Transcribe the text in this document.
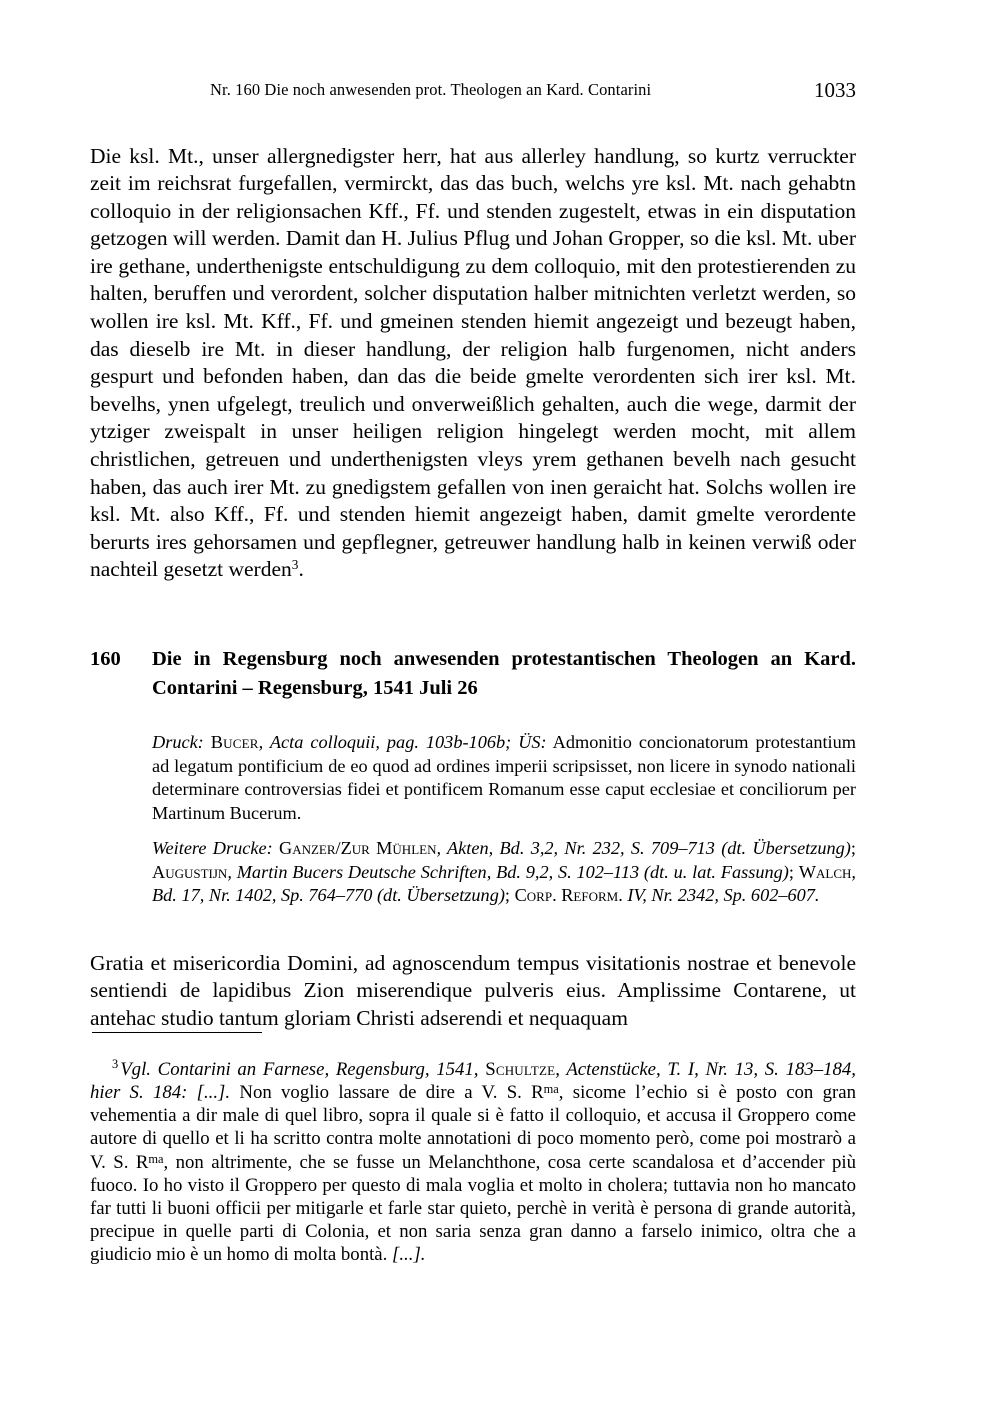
Nr. 160 Die noch anwesenden prot. Theologen an Kard. Contarini	1033

Die ksl. Mt., unser allergnedigster herr, hat aus allerley handlung, so kurtz verruckter zeit im reichsrat furgefallen, vermirckt, das das buch, welchs yre ksl. Mt. nach gehabtn colloquio in der religionsachen Kff., Ff. und stenden zugestelt, etwas in ein disputation getzogen will werden. Damit dan H. Julius Pflug und Johan Gropper, so die ksl. Mt. uber ire gethane, underthenigste entschuldigung zu dem colloquio, mit den protestierenden zu halten, beruffen und verordent, solcher disputation halber mitnichten verletzt werden, so wollen ire ksl. Mt. Kff., Ff. und gmeinen stenden hiemit angezeigt und bezeugt haben, das dieselb ire Mt. in dieser handlung, der religion halb furgenomen, nicht anders gespurt und befonden haben, dan das die beide gmelte verordenten sich irer ksl. Mt. bevelhs, ynen ufgelegt, treulich und onverweißlich gehalten, auch die wege, darmit der ytziger zweispalt in unser heiligen religion hingelegt werden mocht, mit allem christlichen, getreuen und underthenigsten vleys yrem gethanen bevelh nach gesucht haben, das auch irer Mt. zu gnedigstem gefallen von inen geraicht hat. Solchs wollen ire ksl. Mt. also Kff., Ff. und stenden hiemit angezeigt haben, damit gmelte verordente berurts ires gehorsamen und gepflegner, getreuwer handlung halb in keinen verwiß oder nachteil gesetzt werden$^3$.

160 Die in Regensburg noch anwesenden protestantischen Theologen an Kard. Contarini – Regensburg, 1541 Juli 26

Druck: Bucer, Acta colloquii, pag. 103b-106b; ÜS: Admonitio concionatorum protestantium ad legatum pontificium de eo quod ad ordines imperii scripsisset, non licere in synodo nationali determinare controversias fidei et pontificem Romanum esse caput ecclesiae et conciliorum per Martinum Bucerum.

Weitere Drucke: Ganzer/Zur Mühlen, Akten, Bd. 3,2, Nr. 232, S. 709–713 (dt. Übersetzung); Augustijn, Martin Bucers Deutsche Schriften, Bd. 9,2, S. 102–113 (dt. u. lat. Fassung); Walch, Bd. 17, Nr. 1402, Sp. 764–770 (dt. Übersetzung); Corp. Reform. IV, Nr. 2342, Sp. 602–607.

Gratia et misericordia Domini, ad agnoscendum tempus visitationis nostrae et benevole sentiendi de lapidibus Zion miserendique pulveris eius. Amplissime Contarene, ut antehac studio tantum gloriam Christi adserendi et nequaquam

$^3$ Vgl. Contarini an Farnese, Regensburg, 1541, Schultze, Actenstücke, T. I, Nr. 13, S. 183–184, hier S. 184: [...]. Non voglio lassare de dire a V. S. $R^{ma}$, sicome l’echio si è posto con gran vehementia a dir male di quel libro, sopra il quale si è fatto il colloquio, et accusa il Groppero come autore di quello et li ha scritto contra molte annotationi di poco momento però, come poi mostrarò a V. S. $R^{ma}$, non altrimente, che se fusse un Melanchthone, cosa certe scandalosa et d’accender più fuoco. Io ho visto il Groppero per questo di mala voglia et molto in cholera; tuttavia non ho mancato far tutti li buoni officii per mitigarle et farle star quieto, perchè in verità è persona di grande autorità, precipue in quelle parti di Colonia, et non saria senza gran danno a farselo inimico, oltra che a giudicio mio è un homo di molta bontà. [...].
